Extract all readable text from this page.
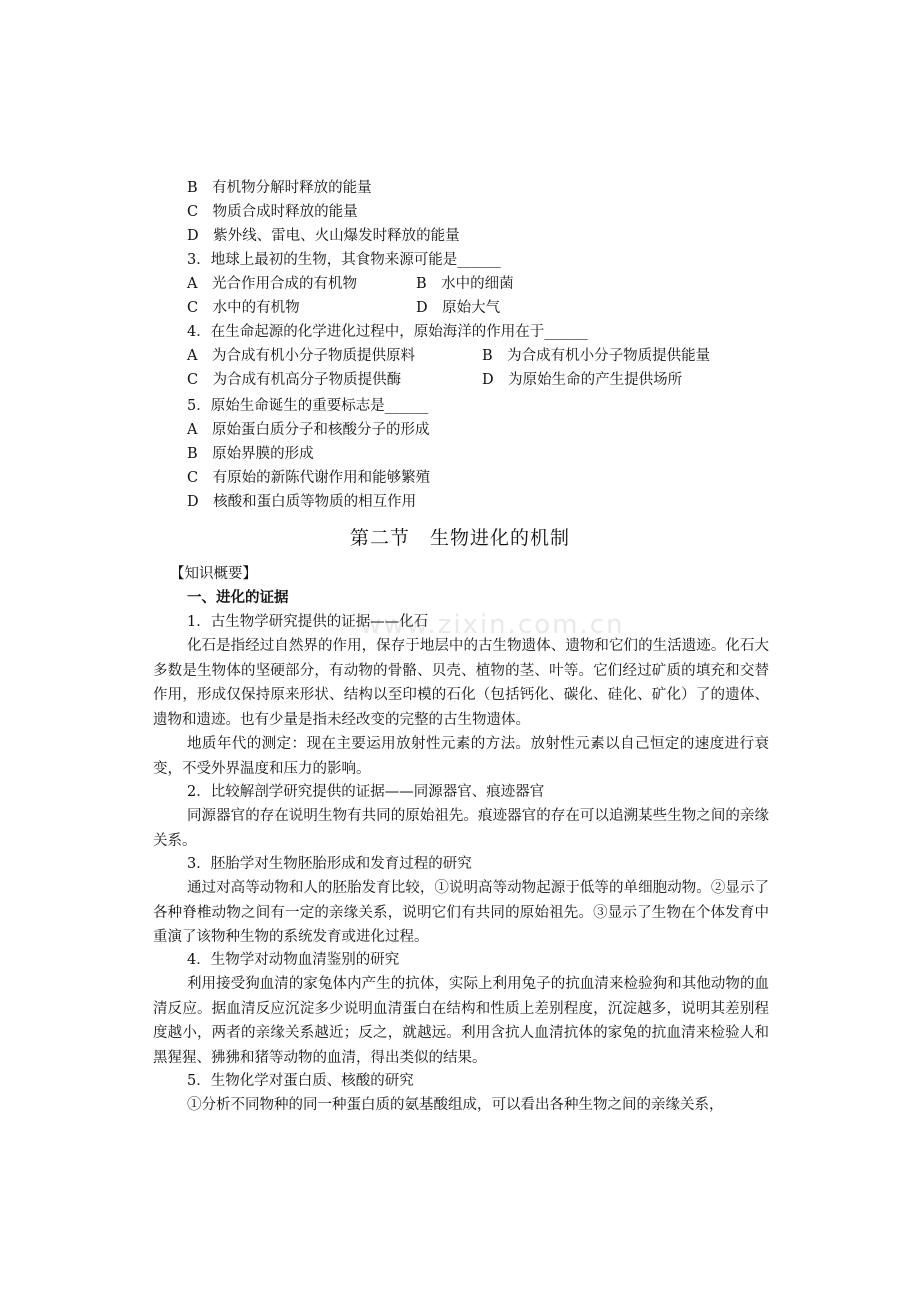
www.zixin.com.cn
B　有机物分解时释放的能量
C　物质合成时释放的能量
D　紫外线、雷电、火山爆发时释放的能量
3．地球上最初的生物，其食物来源可能是______
A　光合作用合成的有机物	B　水中的细菌
C　水中的有机物	D　原始大气
4．在生命起源的化学进化过程中，原始海洋的作用在于______
A　为合成有机小分子物质提供原料	B　为合成有机小分子物质提供能量
C　为合成有机高分子物质提供酶	D　为原始生命的产生提供场所
5．原始生命诞生的重要标志是______
A　原始蛋白质分子和核酸分子的形成
B　原始界膜的形成
C　有原始的新陈代谢作用和能够繁殖
D　核酸和蛋白质等物质的相互作用
第二节　生物进化的机制
【知识概要】
一、进化的证据
1．古生物学研究提供的证据——化石
化石是指经过自然界的作用，保存于地层中的古生物遗体、遗物和它们的生活遗迹。化石大多数是生物体的坚硬部分，有动物的骨骼、贝壳、植物的茎、叶等。它们经过矿质的填充和交替作用，形成仅保持原来形状、结构以至印模的石化（包括钙化、碳化、硅化、矿化）了的遗体、遗物和遗迹。也有少量是指未经改变的完整的古生物遗体。
地质年代的测定：现在主要运用放射性元素的方法。放射性元素以自己恒定的速度进行衰变，不受外界温度和压力的影响。
2．比较解剖学研究提供的证据——同源器官、痕迹器官
同源器官的存在说明生物有共同的原始祖先。痕迹器官的存在可以追溯某些生物之间的亲缘关系。
3．胚胎学对生物胚胎形成和发育过程的研究
通过对高等动物和人的胚胎发育比较，①说明高等动物起源于低等的单细胞动物。②显示了各种脊椎动物之间有一定的亲缘关系，说明它们有共同的原始祖先。③显示了生物在个体发育中重演了该物种生物的系统发育或进化过程。
4．生物学对动物血清鉴别的研究
利用接受狗血清的家兔体内产生的抗体，实际上利用兔子的抗血清来检验狗和其他动物的血清反应。据血清反应沉淀多少说明血清蛋白在结构和性质上差别程度，沉淀越多，说明其差别程度越小，两者的亲缘关系越近；反之，就越远。利用含抗人血清抗体的家兔的抗血清来检验人和黑猩猩、狒狒和猪等动物的血清，得出类似的结果。
5．生物化学对蛋白质、核酸的研究
①分析不同物种的同一种蛋白质的氨基酸组成，可以看出各种生物之间的亲缘关系，
